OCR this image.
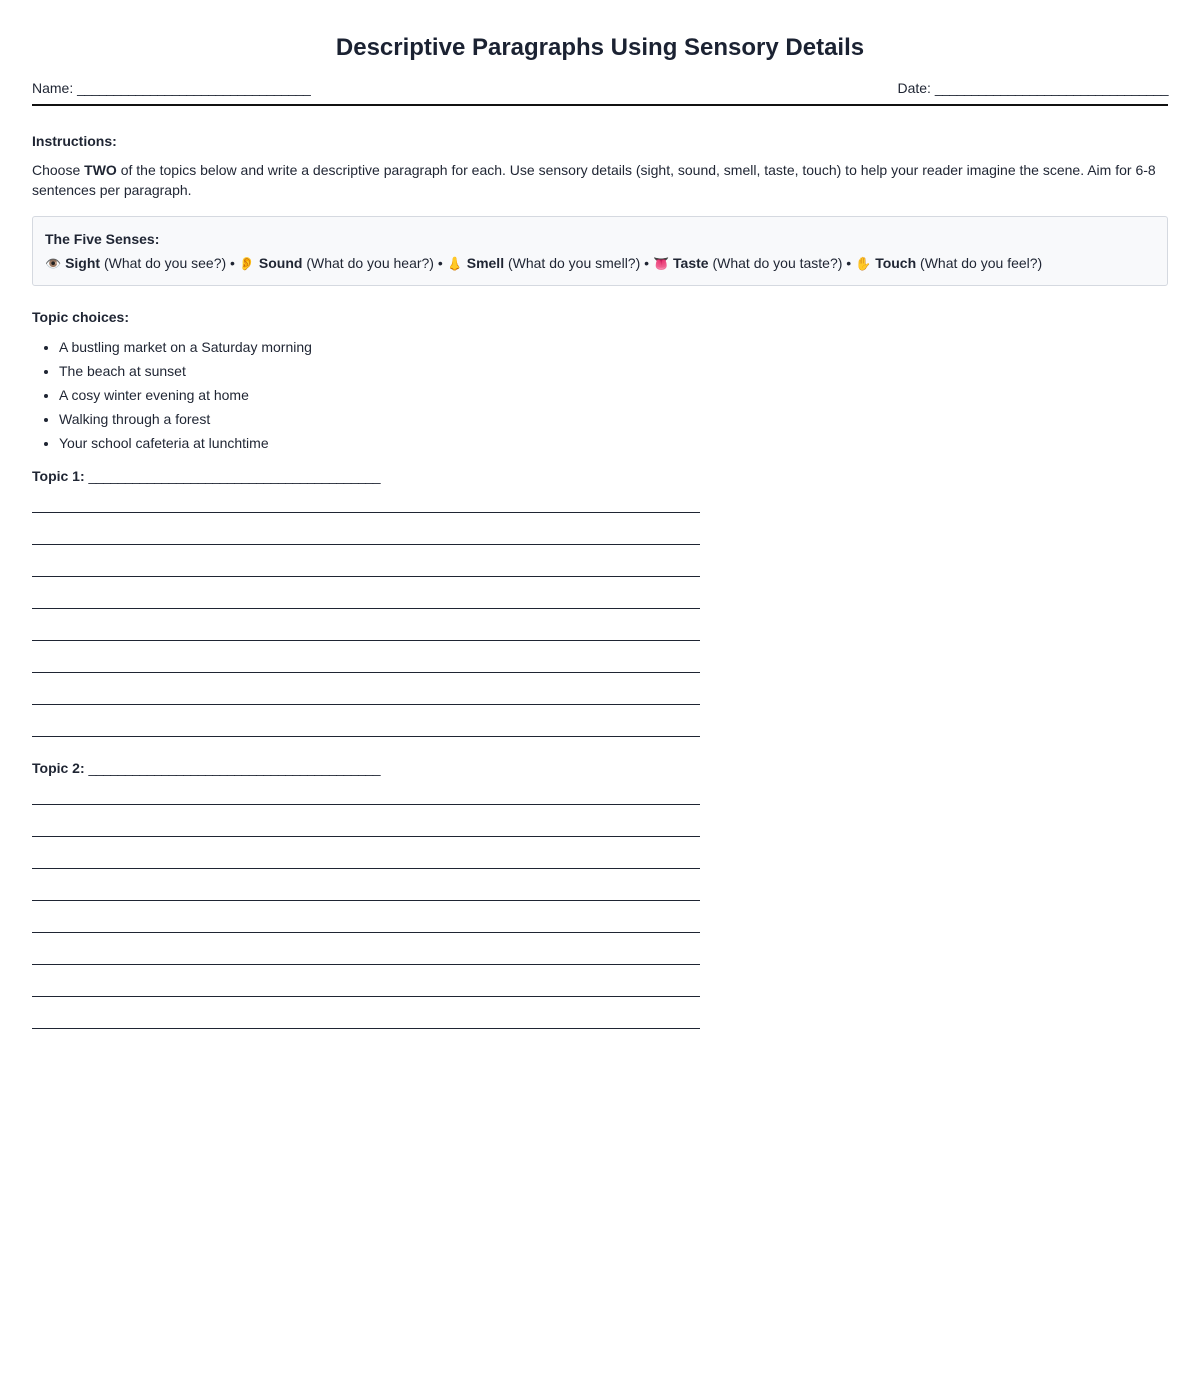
Descriptive Paragraphs Using Sensory Details
Name: ________________________________	Date: ________________________________
Instructions:
Choose TWO of the topics below and write a descriptive paragraph for each. Use sensory details (sight, sound, smell, taste, touch) to help your reader imagine the scene. Aim for 6-8 sentences per paragraph.
The Five Senses:
👁️ Sight (What do you see?) • 👂 Sound (What do you hear?) • 👃 Smell (What do you smell?) • 👅 Taste (What do you taste?) • ✋ Touch (What do you feel?)
Topic choices:
• A bustling market on a Saturday morning
• The beach at sunset
• A cosy winter evening at home
• Walking through a forest
• Your school cafeteria at lunchtime
Topic 1: ________________________________________
Topic 2: ________________________________________
